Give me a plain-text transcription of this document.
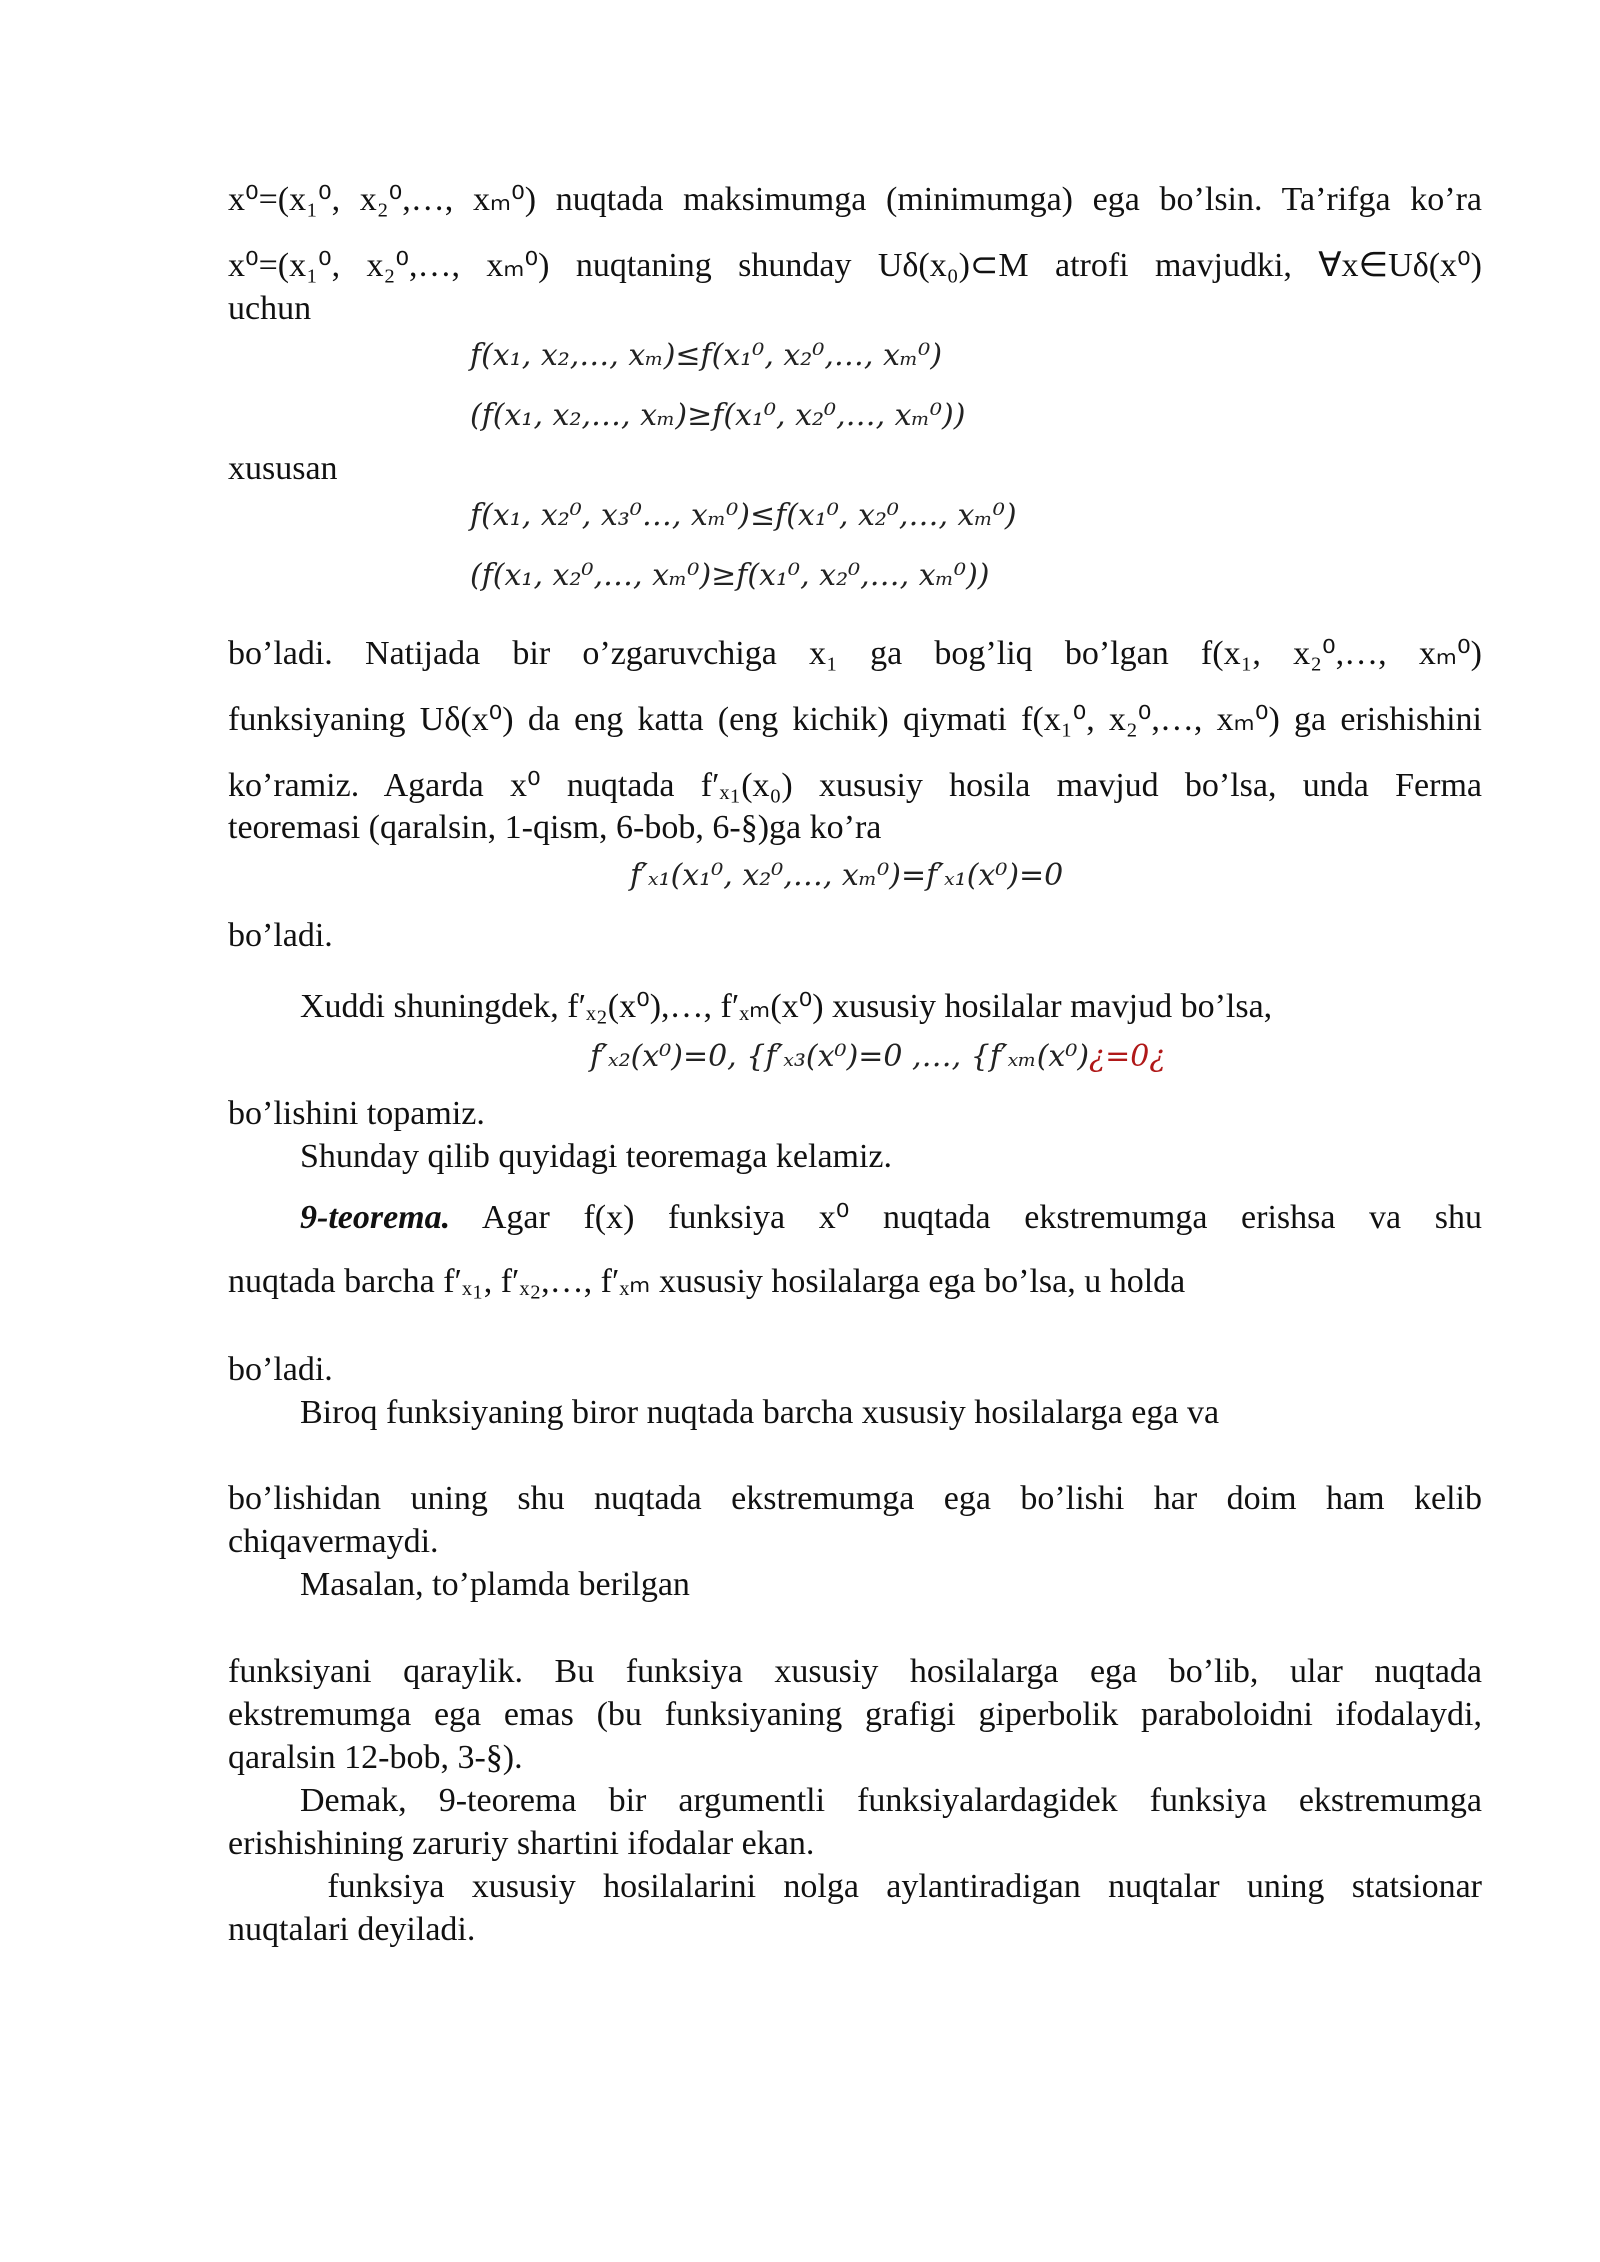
x⁰=(x₁⁰, x₂⁰,…, xₘ⁰) nuqtada maksimumga (minimumga) ega bo’lsin. Ta’rifga ko’ra
x⁰=(x₁⁰, x₂⁰,…, xₘ⁰) nuqtaning shunday Uδ(x₀)⊂M atrofi mavjudki, ∀x∈Uδ(x⁰)
uchun
f(x₁, x₂,…, xₘ)≤f(x₁⁰, x₂⁰,…, xₘ⁰)
(f(x₁, x₂,…, xₘ)≥f(x₁⁰, x₂⁰,…, xₘ⁰))
xususan
f(x₁, x₂⁰, x₃⁰…, xₘ⁰)≤f(x₁⁰, x₂⁰,…, xₘ⁰)
(f(x₁, x₂⁰,…, xₘ⁰)≥f(x₁⁰, x₂⁰,…, xₘ⁰))
bo’ladi. Natijada bir o’zgaruvchiga x₁ ga bog’liq bo’lgan f(x₁, x₂⁰,…, xₘ⁰)
funksiyaning Uδ(x⁰) da eng katta (eng kichik) qiymati f(x₁⁰, x₂⁰,…, xₘ⁰) ga erishishini
ko’ramiz. Agarda x⁰ nuqtada f′ₓ₁(x₀) xususiy hosila mavjud bo’lsa, unda Ferma
teoremasi (qaralsin, 1-qism, 6-bob, 6-§)ga ko’ra
f′ₓ₁(x₁⁰, x₂⁰,…, xₘ⁰)=f′ₓ₁(x⁰)=0
bo’ladi.
Xuddi shuningdek, f′ₓ₂(x⁰),…, f′ₓₘ(x⁰) xususiy hosilalar mavjud bo’lsa,
f′ₓ₂(x⁰)=0, {f′ₓ₃(x⁰)=0 ,…, {f′ₓₘ(x⁰)¿=0¿
bo’lishini topamiz.
Shunday qilib quyidagi teoremaga kelamiz.
9-teorema. Agar f(x) funksiya x⁰ nuqtada ekstremumga erishsa va shu
nuqtada barcha f′ₓ₁, f′ₓ₂,…, f′ₓₘ xususiy hosilalarga ega bo’lsa, u holda
bo’ladi.
Biroq funksiyaning biror nuqtada barcha xususiy hosilalarga ega va
bo’lishidan uning shu nuqtada ekstremumga ega bo’lishi har doim ham kelib
chiqavermaydi.
Masalan, to’plamda berilgan
funksiyani qaraylik. Bu funksiya xususiy hosilalarga ega bo’lib, ular nuqtada
ekstremumga ega emas (bu funksiyaning grafigi giperbolik paraboloidni ifodalaydi,
qaralsin 12-bob, 3-§).
Demak, 9-teorema bir argumentli funksiyalardagidek funksiya ekstremumga
erishishining zaruriy shartini ifodalar ekan.
funksiya xususiy hosilalarini nolga aylantiradigan nuqtalar uning statsionar
nuqtalari deyiladi.
